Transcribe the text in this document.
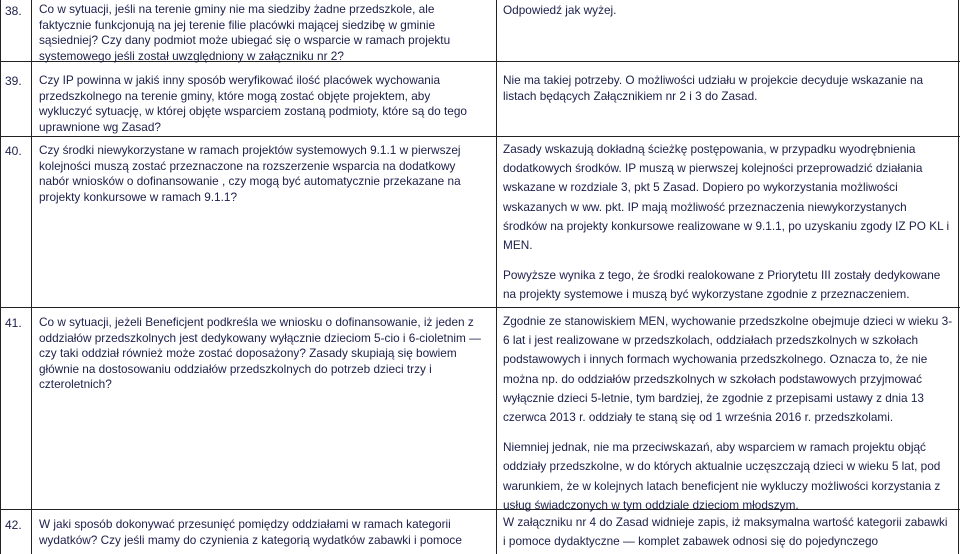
38. Co w sytuacji, jeśli na terenie gminy nie ma siedziby żadne przedszkole, ale faktycznie funkcjonują na jej terenie filie placówki mającej siedzibę w gminie sąsiedniej? Czy dany podmiot może ubiegać się o wsparcie w ramach projektu systemowego jeśli został uwzględniony w załączniku nr 2?

Odpowiedź jak wyżej.

39. Czy IP powinna w jakiś inny sposób weryfikować ilość placówek wychowania przedszkolnego na terenie gminy, które mogą zostać objęte projektem, aby wykluczyć sytuację, w której objęte wsparciem zostaną podmioty, które są do tego uprawnione wg Zasad?

Nie ma takiej potrzeby. O możliwości udziału w projekcie decyduje wskazanie na listach będących Załącznikiem nr 2 i 3 do Zasad.

40. Czy środki niewykorzystane w ramach projektów systemowych 9.1.1 w pierwszej kolejności muszą zostać przeznaczone na rozszerzenie wsparcia na dodatkowy nabór wniosków o dofinansowanie , czy mogą być automatycznie przekazane na projekty konkursowe w ramach 9.1.1?

Zasady wskazują dokładną ścieżkę postępowania, w przypadku wyodrębnienia dodatkowych środków. IP muszą w pierwszej kolejności przeprowadzić działania wskazane w rozdziale 3, pkt 5 Zasad. Dopiero po wykorzystania możliwości wskazanych w ww. pkt. IP mają możliwość przeznaczenia niewykorzystanych środków na projekty konkursowe realizowane w 9.1.1, po uzyskaniu zgody IZ PO KL i MEN.

Powyższe wynika z tego, że środki realokowane z Priorytetu III zostały dedykowane na projekty systemowe i muszą być wykorzystane zgodnie z przeznaczeniem.

41. Co w sytuacji, jeżeli Beneficjent podkreśla we wniosku o dofinansowanie, iż jeden z oddziałów przedszkolnych jest dedykowany wyłącznie dzieciom 5-cio i 6-cioletnim — czy taki oddział również może zostać doposażony? Zasady skupiają się bowiem głównie na dostosowaniu oddziałów przedszkolnych do potrzeb dzieci trzy i czteroletnich?

Zgodnie ze stanowiskiem MEN, wychowanie przedszkolne obejmuje dzieci w wieku 3-6 lat i jest realizowane w przedszkolach, oddziałach przedszkolnych w szkołach podstawowych i innych formach wychowania przedszkolnego. Oznacza to, że nie można np. do oddziałów przedszkolnych w szkołach podstawowych przyjmować wyłącznie dzieci 5-letnie, tym bardziej, że zgodnie z przepisami ustawy z dnia 13 czerwca 2013 r. oddziały te staną się od 1 września 2016 r. przedszkolami.

Niemniej jednak, nie ma przeciwskazań, aby wsparciem w ramach projektu objąć oddziały przedszkolne, w do których aktualnie uczęszczają dzieci w wieku 5 lat, pod warunkiem, że w kolejnych latach beneficjent nie wykluczy możliwości korzystania z usług świadczonych w tym oddziale dzieciom młodszym.

42. W jaki sposób dokonywać przesunięć pomiędzy oddziałami w ramach kategorii wydatków? Czy jeśli mamy do czynienia z kategorią wydatków zabawki i pomoce

W załączniku nr 4 do Zasad widnieje zapis, iż maksymalna wartość kategorii zabawki i pomoce dydaktyczne — komplet zabawek odnosi się do pojedynczego
